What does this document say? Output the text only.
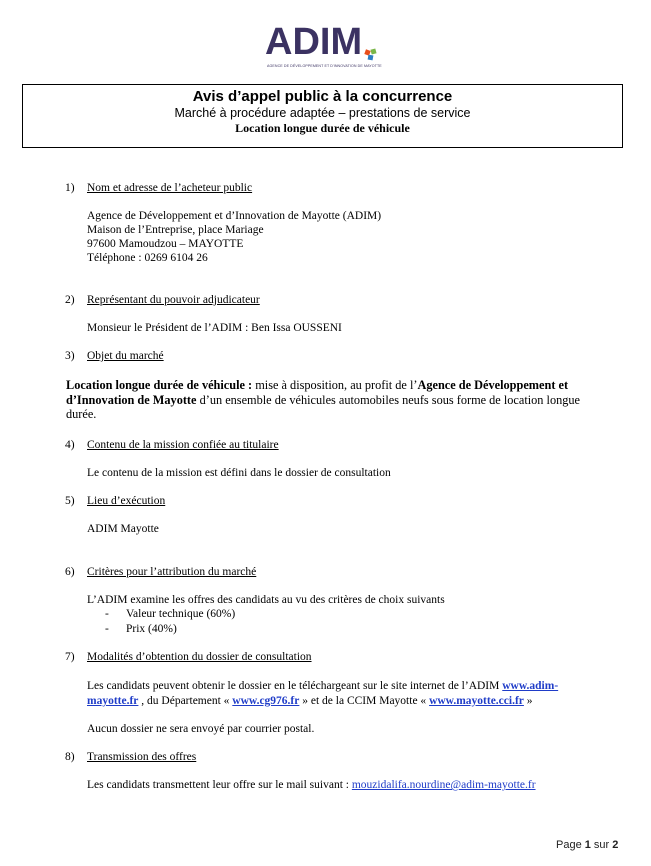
ADIM
AGENCE DE DÉVELOPPEMENT ET D'INNOVATION DE MAYOTTE
Avis d’appel public à la concurrence
Marché à procédure adaptée – prestations de service
Location longue durée de véhicule
1) Nom et adresse de l’acheteur public
Agence de Développement et d’Innovation de Mayotte (ADIM)
Maison de l’Entreprise, place Mariage
97600 Mamoudzou – MAYOTTE
Téléphone : 0269 6104 26
2) Représentant du pouvoir adjudicateur
Monsieur le Président de l’ADIM : Ben Issa OUSSENI
3) Objet du marché
Location longue durée de véhicule : mise à disposition, au profit de l’Agence de Développement et d’Innovation de Mayotte d’un ensemble de véhicules automobiles neufs sous forme de location longue durée.
4) Contenu de la mission confiée au titulaire
Le contenu de la mission est défini dans le dossier de consultation
5) Lieu d’exécution
ADIM Mayotte
6) Critères pour l’attribution du marché
L’ADIM examine les offres des candidats au vu des critères de choix suivants
- Valeur technique (60%)
- Prix (40%)
7) Modalités d’obtention du dossier de consultation
Les candidats peuvent obtenir le dossier en le téléchargeant sur le site internet de l’ADIM www.adim-
mayotte.fr , du Département « www.cg976.fr » et de la CCIM Mayotte « www.mayotte.cci.fr »
Aucun dossier ne sera envoyé par courrier postal.
8) Transmission des offres
Les candidats transmettent leur offre sur le mail suivant : mouzidalifa.nourdine@adim-mayotte.fr
Page 1 sur 2
